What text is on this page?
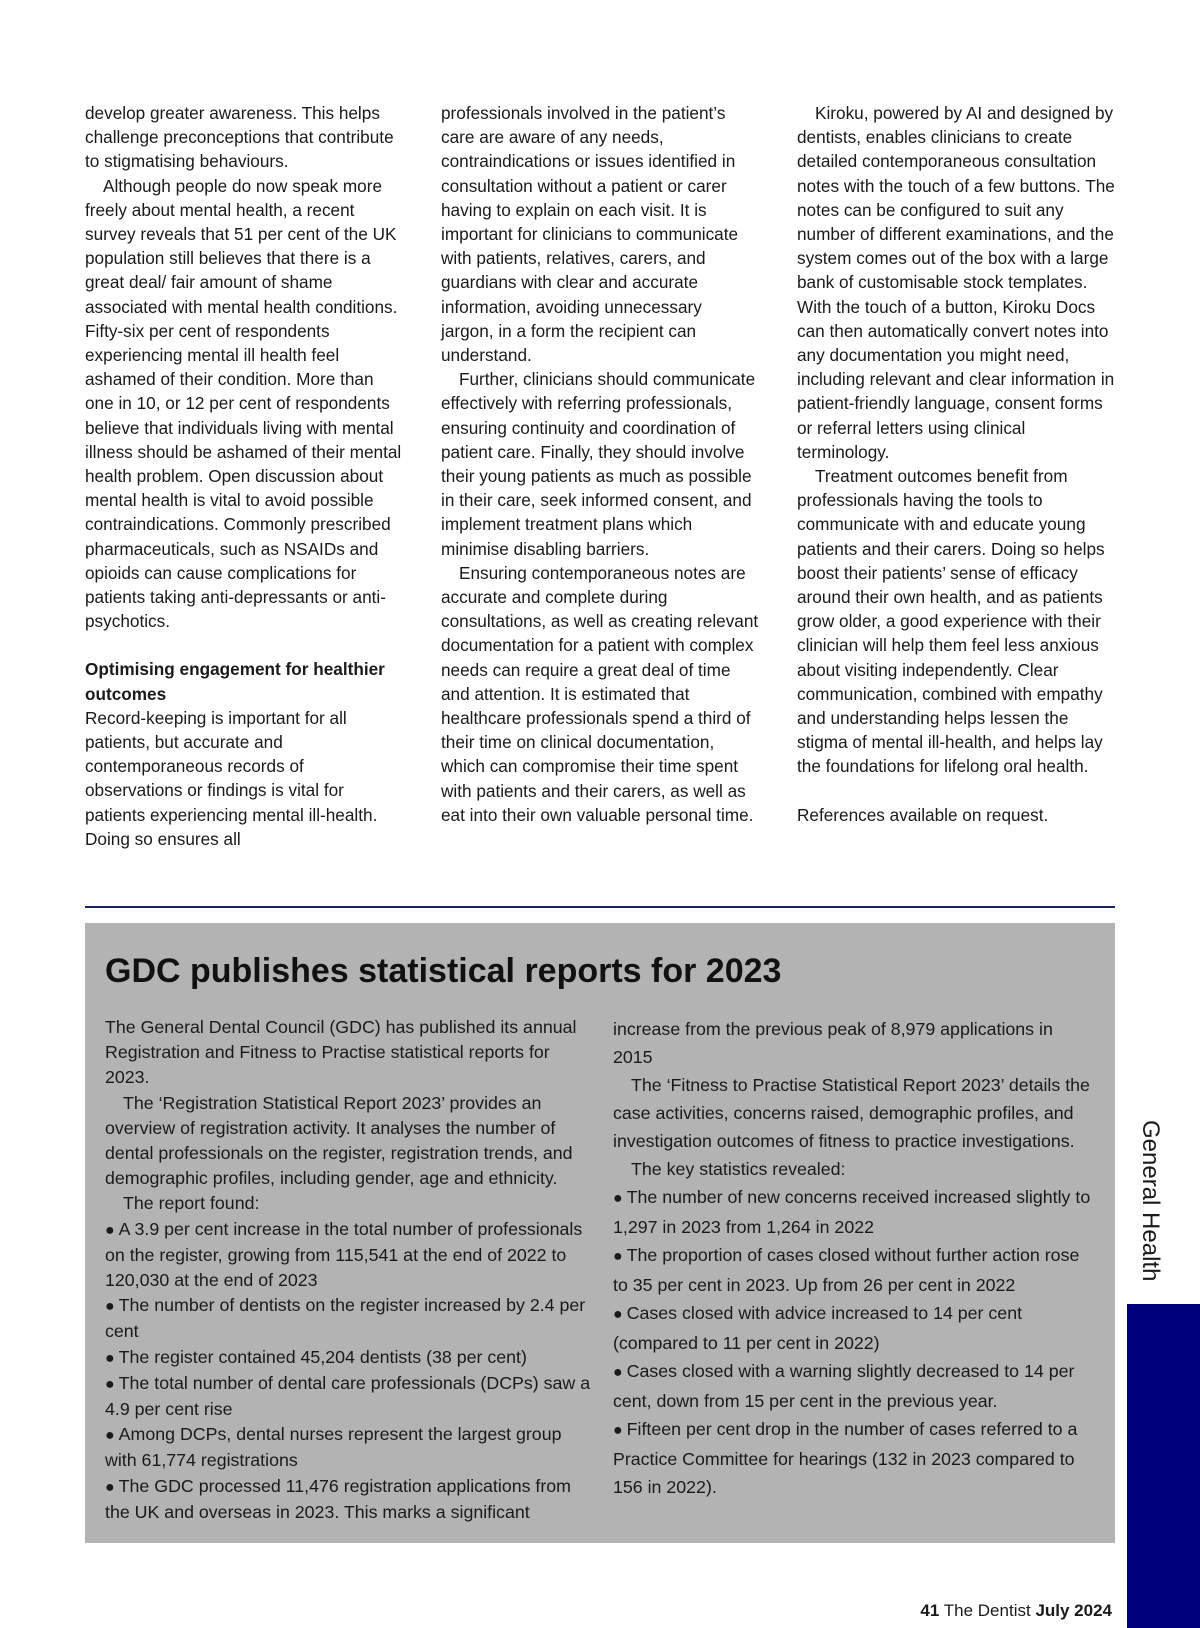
develop greater awareness. This helps challenge preconceptions that contribute to stigmatising behaviours.

Although people do now speak more freely about mental health, a recent survey reveals that 51 per cent of the UK population still believes that there is a great deal/ fair amount of shame associated with mental health conditions. Fifty-six per cent of respondents experiencing mental ill health feel ashamed of their condition. More than one in 10, or 12 per cent of respondents believe that individuals living with mental illness should be ashamed of their mental health problem. Open discussion about mental health is vital to avoid possible contraindications. Commonly prescribed pharmaceuticals, such as NSAIDs and opioids can cause complications for patients taking anti-depressants or anti-psychotics.

Optimising engagement for healthier outcomes

Record-keeping is important for all patients, but accurate and contemporaneous records of observations or findings is vital for patients experiencing mental ill-health. Doing so ensures all

professionals involved in the patient’s care are aware of any needs, contraindications or issues identified in consultation without a patient or carer having to explain on each visit. It is important for clinicians to communicate with patients, relatives, carers, and guardians with clear and accurate information, avoiding unnecessary jargon, in a form the recipient can understand.

Further, clinicians should communicate effectively with referring professionals, ensuring continuity and coordination of patient care. Finally, they should involve their young patients as much as possible in their care, seek informed consent, and implement treatment plans which minimise disabling barriers.

Ensuring contemporaneous notes are accurate and complete during consultations, as well as creating relevant documentation for a patient with complex needs can require a great deal of time and attention. It is estimated that healthcare professionals spend a third of their time on clinical documentation, which can compromise their time spent with patients and their carers, as well as eat into their own valuable personal time.

Kiroku, powered by AI and designed by dentists, enables clinicians to create detailed contemporaneous consultation notes with the touch of a few buttons. The notes can be configured to suit any number of different examinations, and the system comes out of the box with a large bank of customisable stock templates. With the touch of a button, Kiroku Docs can then automatically convert notes into any documentation you might need, including relevant and clear information in patient-friendly language, consent forms or referral letters using clinical terminology.

Treatment outcomes benefit from professionals having the tools to communicate with and educate young patients and their carers. Doing so helps boost their patients’ sense of efficacy around their own health, and as patients grow older, a good experience with their clinician will help them feel less anxious about visiting independently. Clear communication, combined with empathy and understanding helps lessen the stigma of mental ill-health, and helps lay the foundations for lifelong oral health.

References available on request.

GDC publishes statistical reports for 2023

The General Dental Council (GDC) has published its annual Registration and Fitness to Practise statistical reports for 2023.

The ‘Registration Statistical Report 2023’ provides an overview of registration activity. It analyses the number of dental professionals on the register, registration trends, and demographic profiles, including gender, age and ethnicity.

The report found:

● A 3.9 per cent increase in the total number of professionals on the register, growing from 115,541 at the end of 2022 to 120,030 at the end of 2023

● The number of dentists on the register increased by 2.4 per cent

● The register contained 45,204 dentists (38 per cent)

● The total number of dental care professionals (DCPs) saw a 4.9 per cent rise

● Among DCPs, dental nurses represent the largest group with 61,774 registrations

● The GDC processed 11,476 registration applications from the UK and overseas in 2023. This marks a significant

increase from the previous peak of 8,979 applications in 2015

The ‘Fitness to Practise Statistical Report 2023’ details the case activities, concerns raised, demographic profiles, and investigation outcomes of fitness to practice investigations.

The key statistics revealed:

● The number of new concerns received increased slightly to 1,297 in 2023 from 1,264 in 2022

● The proportion of cases closed without further action rose to 35 per cent in 2023. Up from 26 per cent in 2022

● Cases closed with advice increased to 14 per cent (compared to 11 per cent in 2022)

● Cases closed with a warning slightly decreased to 14 per cent, down from 15 per cent in the previous year.

● Fifteen per cent drop in the number of cases referred to a Practice Committee for hearings (132 in 2023 compared to 156 in 2022).

General Health
41 The Dentist July 2024
